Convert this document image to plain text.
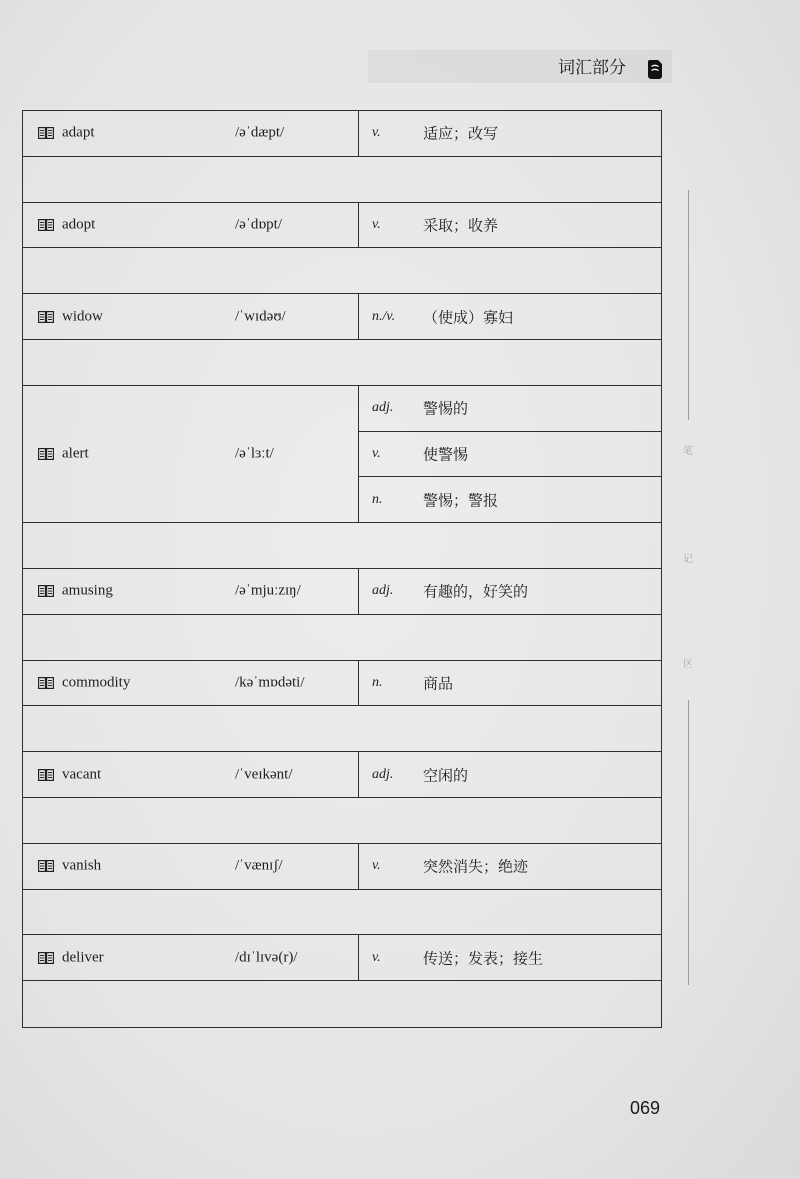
词汇部分
adapt	/əˈdæpt/	v.	适应；改写
adopt	/əˈdɒpt/	v.	采取；收养
widow	/ˈwɪdəʊ/	n./v. （使成）寡妇
alert	/əˈlɜːt/
adj. 警惕的
v.	使警惕
n.	警惕；警报
amusing	/əˈmjuːzɪŋ/	adj. 有趣的，好笑的
commodity	/kəˈmɒdəti/	n.	商品
vacant	/ˈveɪkənt/	adj. 空闲的
vanish	/ˈvænɪʃ/	v.	突然消失；绝迹
deliver	/dɪˈlɪvə(r)/	v.	传送；发表；接生
笔
记
区
069
